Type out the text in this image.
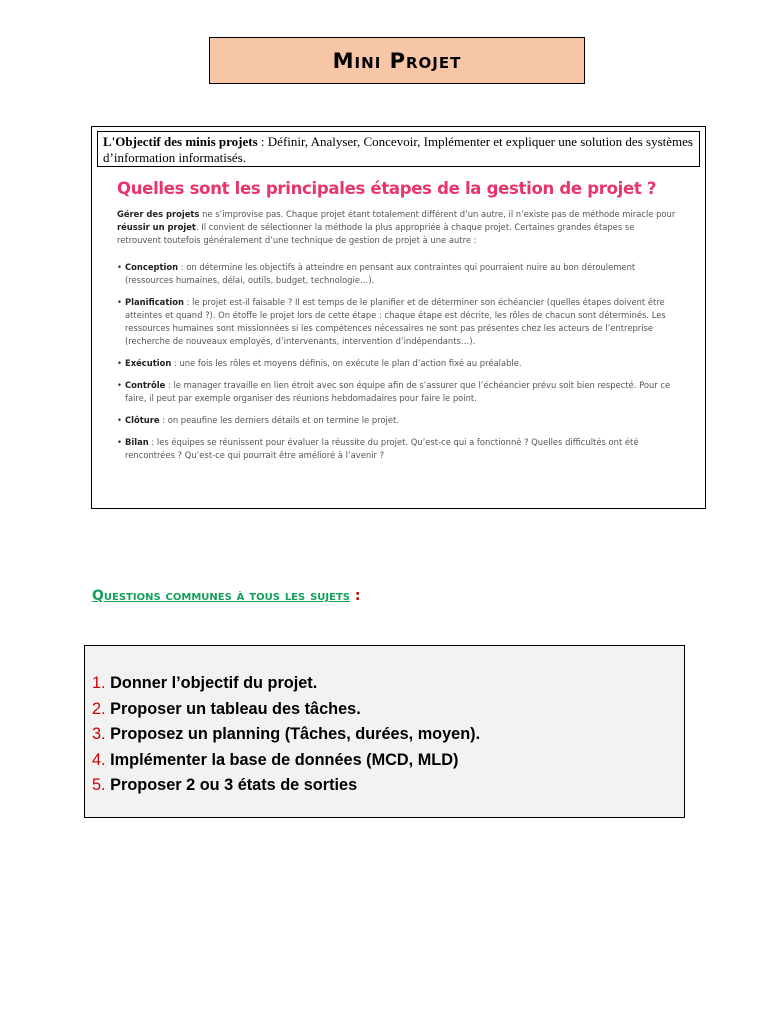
Mini Projet
L'Objectif des minis projets : Définir, Analyser, Concevoir, Implémenter et expliquer une solution des systèmes d’information informatisés.
Quelles sont les principales étapes de la gestion de projet ?

Gérer des projets ne s’improvise pas. Chaque projet étant totalement différent d’un autre, il n’existe pas de méthode miracle pour réussir un projet. Il convient de sélectionner la méthode la plus appropriée à chaque projet. Certaines grandes étapes se retrouvent toutefois généralement d’une technique de gestion de projet à une autre :

• Conception : on détermine les objectifs à atteindre en pensant aux contraintes qui pourraient nuire au bon déroulement (ressources humaines, délai, outils, budget, technologie…).
• Planification : le projet est-il faisable ? Il est temps de le planifier et de déterminer son échéancier (quelles étapes doivent être atteintes et quand ?). On étoffe le projet lors de cette étape : chaque étape est décrite, les rôles de chacun sont déterminés. Les ressources humaines sont missionnées si les compétences nécessaires ne sont pas présentes chez les acteurs de l’entreprise (recherche de nouveaux employés, d’intervenants, intervention d’indépendants…).
• Exécution : une fois les rôles et moyens définis, on exécute le plan d’action fixé au préalable.
• Contrôle : le manager travaille en lien étroit avec son équipe afin de s’assurer que l’échéancier prévu soit bien respecté. Pour ce faire, il peut par exemple organiser des réunions hebdomadaires pour faire le point.
• Clôture : on peaufine les derniers détails et on termine le projet.
• Bilan : les équipes se réunissent pour évaluer la réussite du projet. Qu’est-ce qui a fonctionné ? Quelles difficultés ont été rencontrées ? Qu’est-ce qui pourrait être amélioré à l’avenir ?
Questions communes à tous les sujets :
1. Donner l’objectif du projet.
2. Proposer un tableau des tâches.
3. Proposez un planning (Tâches, durées, moyen).
4. Implémenter la base de données (MCD, MLD)
5. Proposer 2 ou 3 états de sorties
